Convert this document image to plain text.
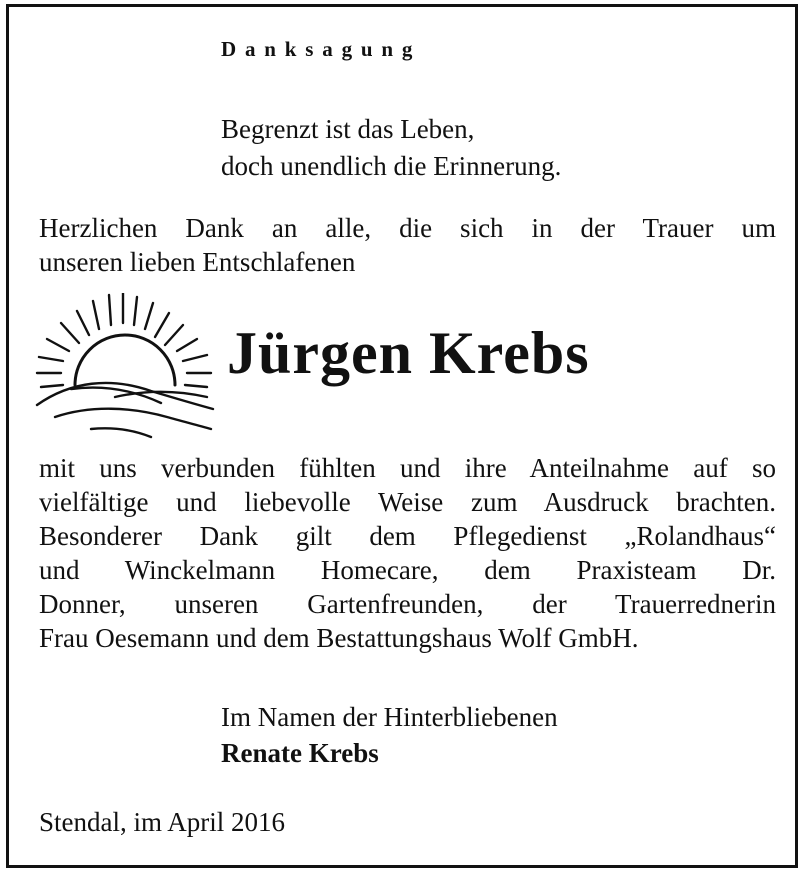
Danksagung
Begrenzt ist das Leben,
doch unendlich die Erinnerung.
Herzlichen Dank an alle, die sich in der Trauer um
unseren lieben Entschlafenen
Jürgen Krebs
mit uns verbunden fühlten und ihre Anteilnahme auf so
vielfältige und liebevolle Weise zum Ausdruck brachten.
Besonderer Dank gilt dem Pflegedienst „Rolandhaus“
und Winckelmann Homecare, dem Praxisteam Dr.
Donner, unseren Gartenfreunden, der Trauerrednerin
Frau Oesemann und dem Bestattungshaus Wolf GmbH.
Im Namen der Hinterbliebenen
Renate Krebs
Stendal, im April 2016
